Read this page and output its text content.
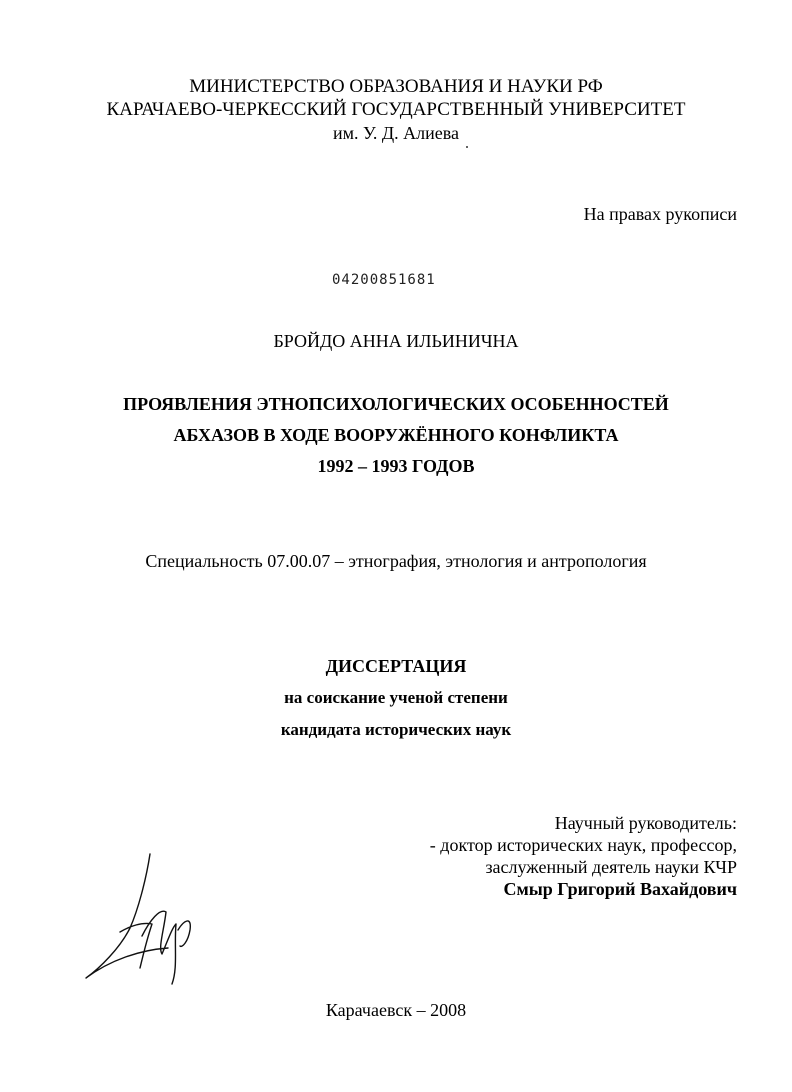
МИНИСТЕРСТВО ОБРАЗОВАНИЯ И НАУКИ РФ
КАРАЧАЕВО-ЧЕРКЕССКИЙ ГОСУДАРСТВЕННЫЙ УНИВЕРСИТЕТ
им. У. Д. Алиева
На правах рукописи
04200851681
БРОЙДО АННА ИЛЬИНИЧНА
ПРОЯВЛЕНИЯ ЭТНОПСИХОЛОГИЧЕСКИХ ОСОБЕННОСТЕЙ
АБХАЗОВ В ХОДЕ ВООРУЖЁННОГО КОНФЛИКТА
1992 – 1993 ГОДОВ
Специальность 07.00.07 – этнография, этнология и антропология
ДИССЕРТАЦИЯ
на соискание ученой степени
кандидата исторических наук
Научный руководитель:
- доктор исторических наук, профессор,
заслуженный деятель науки КЧР
Смыр Григорий Вахайдович
Карачаевск – 2008
